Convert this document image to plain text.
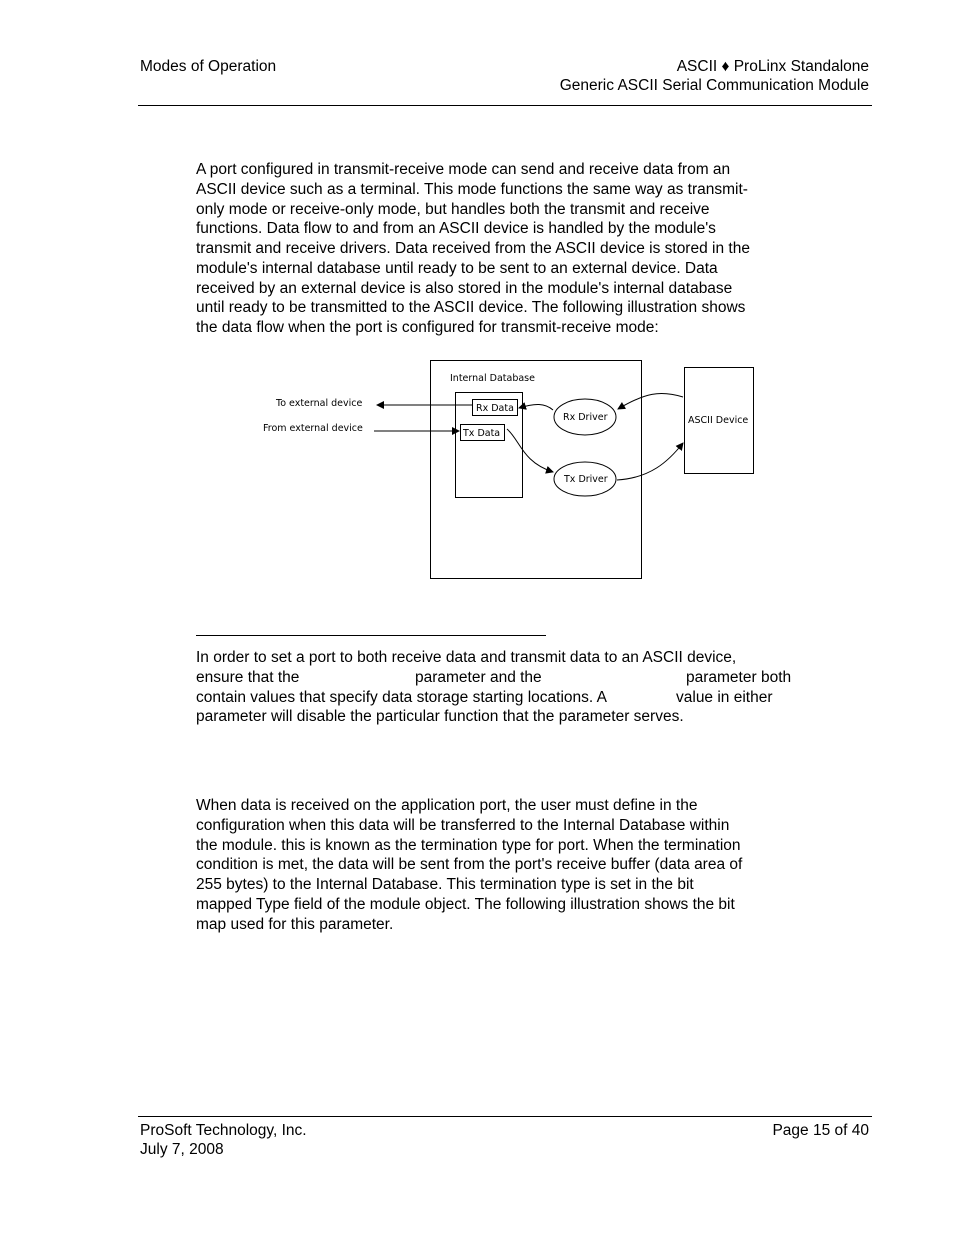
Modes of Operation	ASCII ♦ ProLinx Standalone
Generic ASCII Serial Communication Module
A port configured in transmit-receive mode can send and receive data from an
ASCII device such as a terminal. This mode functions the same way as transmit-
only mode or receive-only mode, but handles both the transmit and receive
functions. Data flow to and from an ASCII device is handled by the module's
transmit and receive drivers. Data received from the ASCII device is stored in the
module's internal database until ready to be sent to an external device. Data
received by an external device is also stored in the module's internal database
until ready to be transmitted to the ASCII device. The following illustration shows
the data flow when the port is configured for transmit-receive mode:
Internal Database
Rx Data
Tx Data
Rx Driver
Tx Driver
ASCII Device
To external device
From external device
In order to set a port to both receive data and transmit data to an ASCII device,
ensure that the	parameter and the	parameter both
contain values that specify data storage starting locations. A	value in either
parameter will disable the particular function that the parameter serves.
When data is received on the application port, the user must define in the
configuration when this data will be transferred to the Internal Database within
the module. this is known as the termination type for port. When the termination
condition is met, the data will be sent from the port's receive buffer (data area of
255 bytes) to the Internal Database. This termination type is set in the bit
mapped Type field of the module object. The following illustration shows the bit
map used for this parameter.
ProSoft Technology, Inc.
July 7, 2008
Page 15 of 40
